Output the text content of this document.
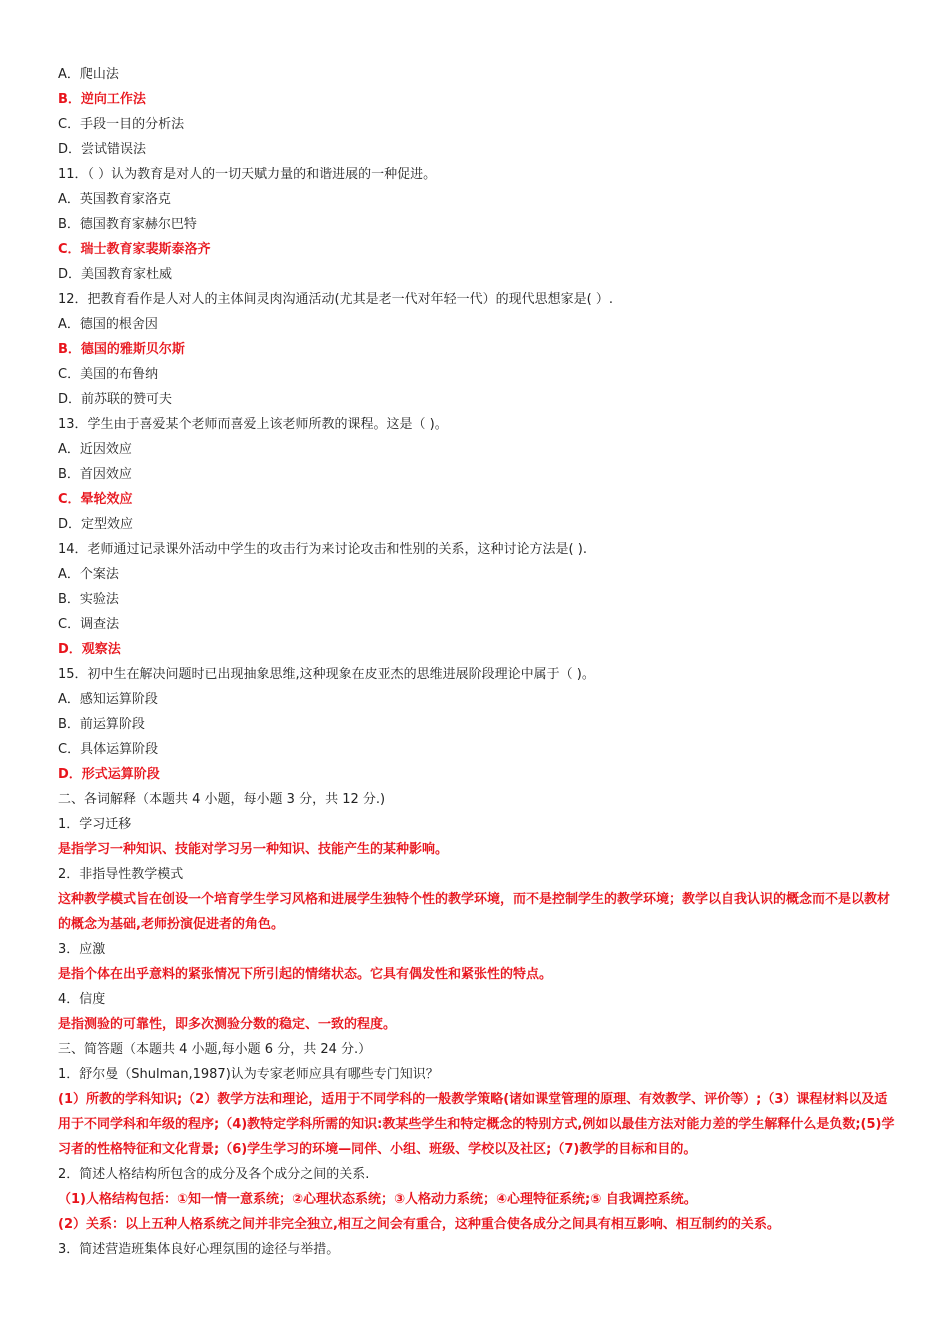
A．爬山法
B．逆向工作法
C．手段一目的分析法
D．尝试错误法
11．（ ）认为教育是对人的一切天赋力量的和谐进展的一种促进。
A．英国教育家洛克
B．德国教育家赫尔巴特
C．瑞士教育家裴斯泰洛齐
D．美国教育家杜威
12．把教育看作是人对人的主体间灵肉沟通活动(尤其是老一代对年轻一代）的现代思想家是( ）.
A．德国的根舍因
B．德国的雅斯贝尔斯
C．美国的布鲁纳
D．前苏联的赞可夫
13．学生由于喜爱某个老师而喜爱上该老师所教的课程。这是（ )。
A．近因效应
B．首因效应
C．晕轮效应
D．定型效应
14．老师通过记录课外活动中学生的攻击行为来讨论攻击和性别的关系，这种讨论方法是( ).
A．个案法
B．实验法
C．调查法
D．观察法
15．初中生在解决问题时已出现抽象思维,这种现象在皮亚杰的思维进展阶段理论中属于（ )。
A．感知运算阶段
B．前运算阶段
C．具体运算阶段
D．形式运算阶段
二、各词解释（本题共 4 小题，每小题 3 分，共 12 分.)
1．学习迁移
是指学习一种知识、技能对学习另一种知识、技能产生的某种影响。
2．非指导性教学模式
这种教学模式旨在创设一个培育学生学习风格和进展学生独特个性的教学环境，而不是控制学生的教学环境；教学以自我认识的概念而不是以教材的概念为基础,老师扮演促进者的角色。
3．应激
是指个体在出乎意料的紧张情况下所引起的情绪状态。它具有偶发性和紧张性的特点。
4．信度
是指测验的可靠性，即多次测验分数的稳定、一致的程度。
三、简答题（本题共 4 小题,每小题 6 分，共 24 分.）
1．舒尔曼（Shulman,1987)认为专家老师应具有哪些专门知识？
(1）所教的学科知识;（2）教学方法和理论，适用于不同学科的一般教学策略(诸如课堂管理的原理、有效教学、评价等）;（3）课程材料以及适用于不同学科和年级的程序;（4)教特定学科所需的知识:教某些学生和特定概念的特别方式,例如以最佳方法对能力差的学生解释什么是负数;(5)学习者的性格特征和文化背景;（6)学生学习的环境—同伴、小组、班级、学校以及社区;（7)教学的目标和目的。
2．简述人格结构所包含的成分及各个成分之间的关系.
（1)人格结构包括：①知一情一意系统；②心理状态系统；③人格动力系统；④心理特征系统;⑤ 自我调控系统。
(2）关系：以上五种人格系统之间并非完全独立,相互之间会有重合，这种重合使各成分之间具有相互影响、相互制约的关系。
3．简述营造班集体良好心理氛围的途径与举措。
